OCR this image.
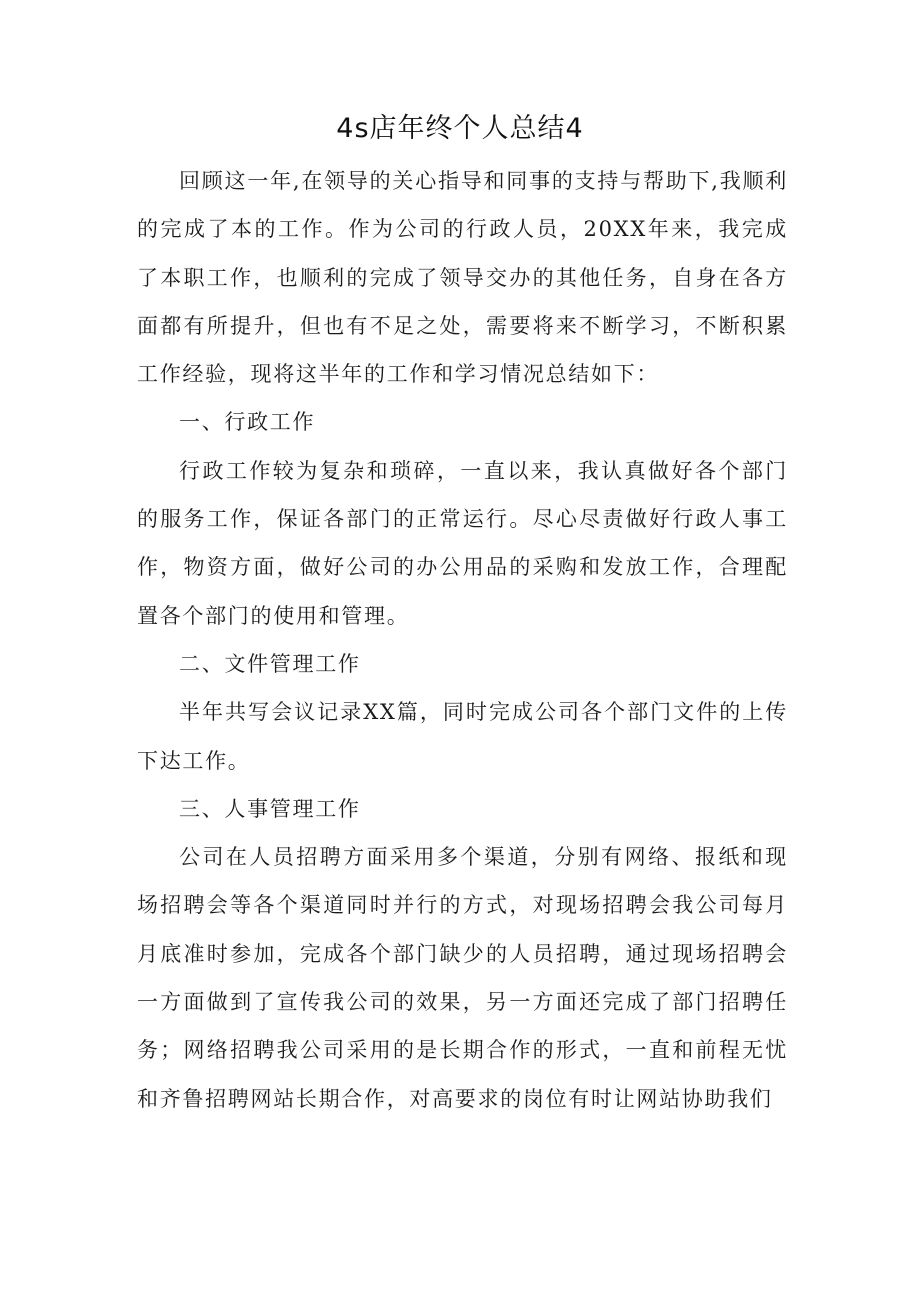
4s店年终个人总结4

回顾这一年,在领导的关心指导和同事的支持与帮助下,我顺利的完成了本的工作。作为公司的行政人员，20XX年来，我完成了本职工作，也顺利的完成了领导交办的其他任务，自身在各方面都有所提升，但也有不足之处，需要将来不断学习，不断积累工作经验，现将这半年的工作和学习情况总结如下：

一、行政工作

行政工作较为复杂和琐碎，一直以来，我认真做好各个部门的服务工作，保证各部门的正常运行。尽心尽责做好行政人事工作，物资方面，做好公司的办公用品的采购和发放工作，合理配置各个部门的使用和管理。

二、文件管理工作

半年共写会议记录XX篇，同时完成公司各个部门文件的上传下达工作。

三、人事管理工作

公司在人员招聘方面采用多个渠道，分别有网络、报纸和现场招聘会等各个渠道同时并行的方式，对现场招聘会我公司每月月底准时参加，完成各个部门缺少的人员招聘，通过现场招聘会一方面做到了宣传我公司的效果，另一方面还完成了部门招聘任务；网络招聘我公司采用的是长期合作的形式，一直和前程无忧和齐鲁招聘网站长期合作，对高要求的岗位有时让网站协助我们
